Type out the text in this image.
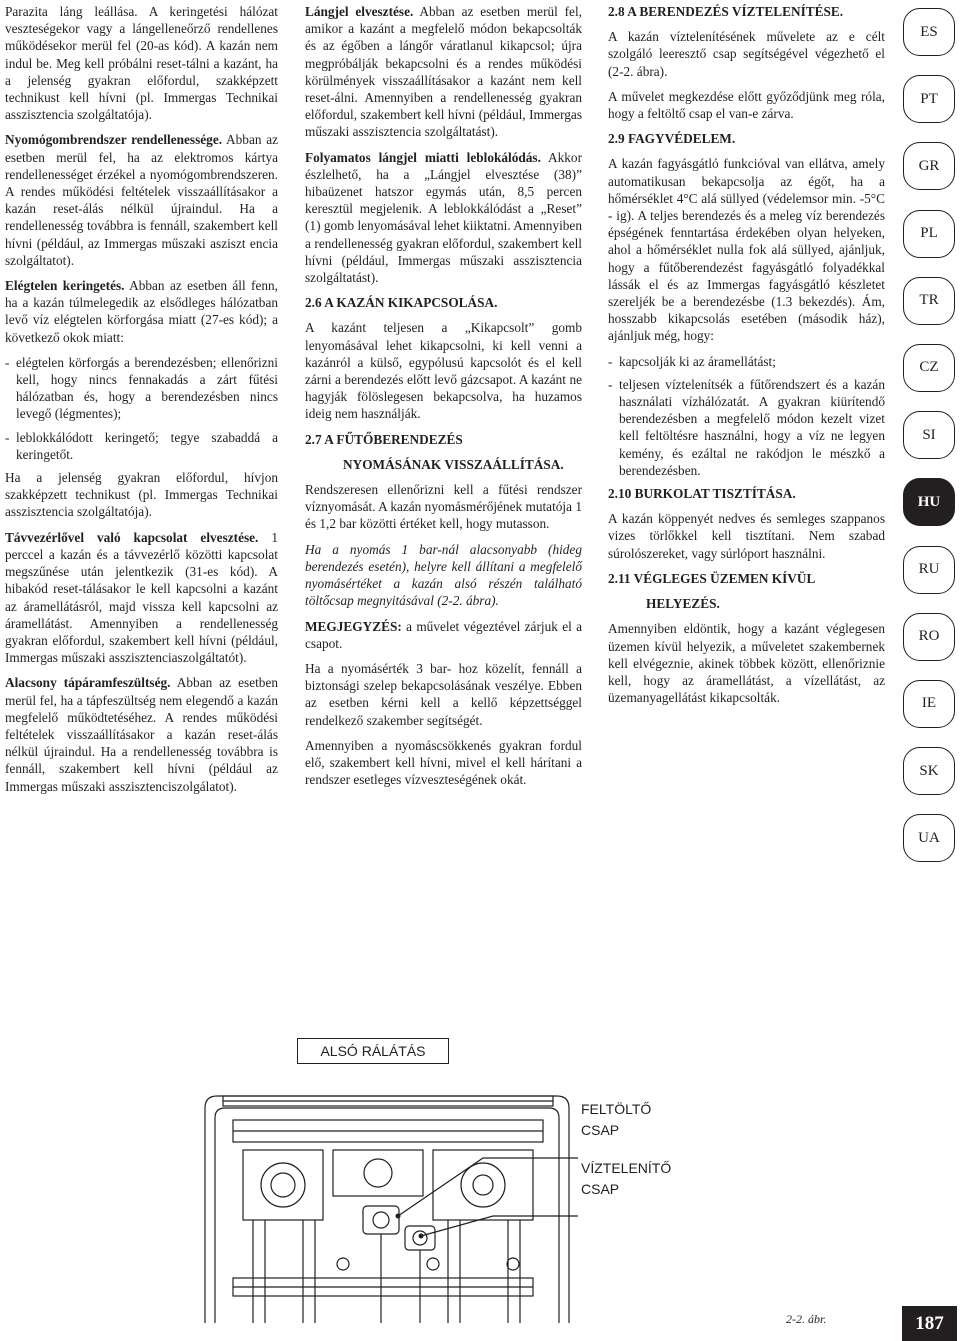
Parazita láng leállása. A keringetési hálózat veszteségekor vagy a lángelleneőrző rendellenes működésekor merül fel (20-as kód). A kazán nem indul be. Meg kell próbálni reset-tálni a kazánt, ha a jelenség gyakran előfordul, szakképzett technikust kell hívni (pl. Immergas Technikai asszisztencia szolgáltatója).

Nyomógombrendszer rendellenessége. Abban az esetben merül fel, ha az elektromos kártya rendellenességet érzékel a nyomógombrendszeren. A rendes működési feltételek visszaállításakor a kazán reset-álás nélkül újraindul. Ha a rendellenesség továbbra is fennáll, szakembert kell hívni (például, az Immergas műszaki asziszt encia szolgáltatot).

Elégtelen keringetés. Abban az esetben áll fenn, ha a kazán túlmelegedik az elsődleges hálózatban levő víz elégtelen körforgása miatt (27-es kód); a következő okok miatt:

- elégtelen körforgás a berendezésben; ellenőrizni kell, hogy nincs fennakadás a zárt fűtési hálózatban és, hogy a berendezésben nincs levegő (légmentes);
- leblokkálódott keringető; tegye szabaddá a keringetőt.

Ha a jelenség gyakran előfordul, hívjon szakképzett technikust (pl. Immergas Technikai asszisztencia szolgáltatója).

Távvezérlővel való kapcsolat elvesztése. 1 perccel a kazán és a távvezérlő közötti kapcsolat megszűnése után jelentkezik (31-es kód). A hibakód reset-tálásakor le kell kapcsolni a kazánt az áramellátásról, majd vissza kell kapcsolni az áramellátást. Amennyiben a rendellenesség gyakran előfordul, szakembert kell hívni (például, Immergas műszaki asszisztenciaszolgáltatót).

Alacsony tápáramfeszültség. Abban az esetben merül fel, ha a tápfeszültség nem elegendő a kazán megfelelő működtetéséhez. A rendes működési feltételek visszaállításakor a kazán reset-álás nélkül újraindul. Ha a rendellenesség továbbra is fennáll, szakembert kell hívni (például az Immergas műszaki asszisztenciszolgálatot).

Lángjel elvesztése. Abban az esetben merül fel, amikor a kazánt a megfelelő módon bekapcsolták és az égőben a lángőr váratlanul kikapcsol; újra megpróbálják bekapcsolni és a rendes működési körülmények visszaállításakor a kazánt nem kell reset-álni. Amennyiben a rendellenesség gyakran előfordul, szakembert kell hívni (például, Immergas műszaki asszisztencia szolgáltatást).

Folyamatos lángjel miatti leblokálódás. Akkor észlelhető, ha a „Lángjel elvesztése (38)” hibaüzenet hatszor egymás után, 8,5 percen keresztül megjelenik. A leblokkálódást a „Reset” (1) gomb lenyomásával lehet kiiktatni. Amennyiben a rendellenesség gyakran előfordul, szakembert kell hívni (például, Immergas műszaki asszisztencia szolgáltatást).

2.6 A KAZÁN KIKAPCSOLÁSA.

A kazánt teljesen a „Kikapcsolt” gomb lenyomásával lehet kikapcsolni, ki kell venni a kazánról a külső, egypólusú kapcsolót és el kell zárni a berendezés előtt levő gázcsapot. A kazánt ne hagyják fölöslegesen bekapcsolva, ha huzamos ideig nem használják.

2.7 A FŰTŐBERENDEZÉS

NYOMÁSÁNAK VISSZAÁLLÍTÁSA.

Rendszeresen ellenőrizni kell a fűtési rendszer víznyomását. A kazán nyomásmérőjének mutatója 1 és 1,2 bar közötti értéket kell, hogy mutasson.

Ha a nyomás 1 bar-nál alacsonyabb (hideg berendezés esetén), helyre kell állítani a megfelelő nyomásértéket a kazán alsó részén található töltőcsap megnyitásával (2-2. ábra).

MEGJEGYZÉS: a művelet végeztével zárjuk el a csapot.

Ha a nyomásérték 3 bar- hoz közelít, fennáll a biztonsági szelep bekapcsolásának veszélye. Ebben az esetben kérni kell a kellő képzettséggel rendelkező szakember segítségét.

Amennyiben a nyomáscsökkenés gyakran fordul elő, szakembert kell hívni, mivel el kell hárítani a rendszer esetleges vízveszteségének okát.

2.8 A BERENDEZÉS VÍZTELENÍTÉSE.

A kazán víztelenítésének művelete az e célt szolgáló leeresztő csap segítségével végezhető el (2-2. ábra).

A művelet megkezdése előtt győződjünk meg róla, hogy a feltöltő csap el van-e zárva.

2.9 FAGYVÉDELEM.

A kazán fagyásgátló funkcióval van ellátva, amely automatikusan bekapcsolja az égőt, ha a hőmérséklet 4°C alá süllyed (védelemsor min. -5°C - ig). A teljes berendezés és a meleg víz berendezés épségének fenntartása érdekében olyan helyeken, ahol a hőmérséklet nulla fok alá süllyed, ajánljuk, hogy a fűtőberendezést fagyásgátló folyadékkal lássák el és az Immergas fagyásgátló készletet szereljék be a berendezésbe (1.3 bekezdés). Ám, hosszabb kikapcsolás esetében (második ház), ajánljuk még, hogy:

- kapcsolják ki az áramellátást;
- teljesen víztelenítsék a fűtőrendszert és a kazán használati vízhálózatát. A gyakran kiürítendő berendezésben a megfelelő módon kezelt vizet kell feltöltésre használni, hogy a víz ne legyen kemény, és ezáltal ne rakódjon le mészkő a berendezésben.

2.10 BURKOLAT TISZTÍTÁSA.

A kazán köppenyét nedves és semleges szappanos vizes törlőkkel kell tisztítani. Nem szabad súrolószereket, vagy súrlóport használni.

2.11 VÉGLEGES ÜZEMEN KÍVÜL

HELYEZÉS.

Amennyiben eldöntik, hogy a kazánt véglegesen üzemen kívül helyezik, a műveletet szakembernek kell elvégeznie, akinek többek között, ellenőriznie kell, hogy az áramellátást, a vízellátást, az üzemanyagellátást kikapcsolták.

ES
PT
GR
PL
TR
CZ
SI
HU
RU
RO
IE
SK
UA
ALSÓ RÁLÁTÁS
FELTÖLTŐ
CSAP
VÍZTELENÍTŐ
CSAP
2-2. ábr.	187
